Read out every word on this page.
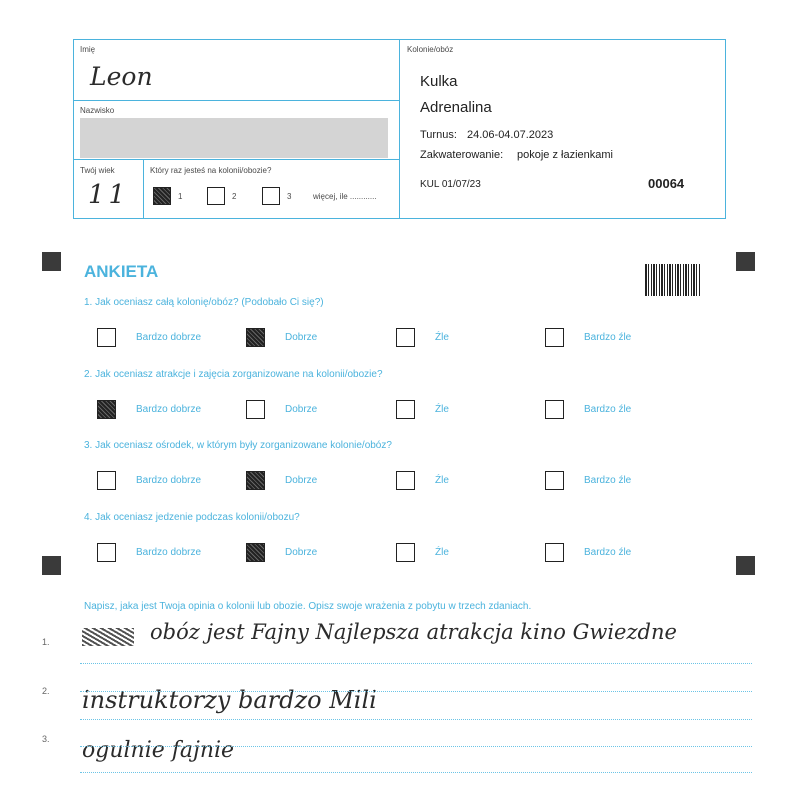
Imię
Leon
Nazwisko
Twój wiek
11
Który raz jesteś na kolonii/obozie?
1	2	3	więcej, ile ............
Kolonie/obóz
Kulka
Adrenalina
Turnus: 24.06-04.07.2023
Zakwaterowanie: pokoje z łazienkami
KUL 01/07/23	00064
ANKIETA
1. Jak oceniasz całą kolonię/obóz? (Podobało Ci się?)
2. Jak oceniasz atrakcje i zajęcia zorganizowane na kolonii/obozie?
3. Jak oceniasz ośrodek, w którym były zorganizowane kolonie/obóz?
4. Jak oceniasz jedzenie podczas kolonii/obozu?
Bardzo dobrze	Dobrze	Źle	Bardzo źle
Bardzo dobrze	Dobrze	Źle	Bardzo źle
Bardzo dobrze	Dobrze	Źle	Bardzo źle
Bardzo dobrze	Dobrze	Źle	Bardzo źle
Napisz, jaka jest Twoja opinia o kolonii lub obozie. Opisz swoje wrażenia z pobytu w trzech zdaniach.
1.
2.
3.
obóz jest Fajny Najlepsza atrakcja kino Gwiezdne
instruktorzy bardzo Mili
ogulnie fajnie
